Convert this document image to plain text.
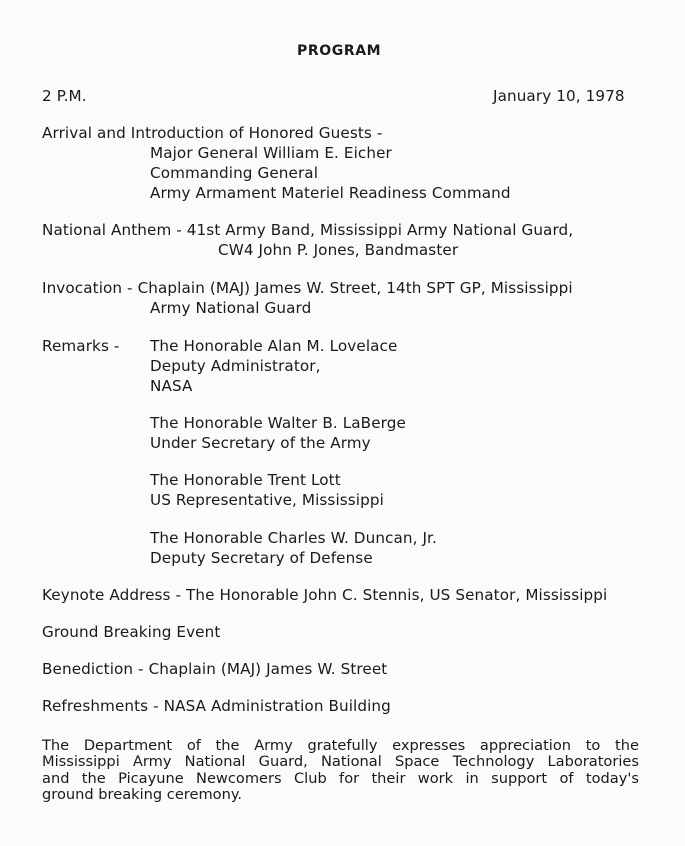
PROGRAM
2 P.M.	January 10, 1978
Arrival and Introduction of Honored Guests -
Major General William E. Eicher
Commanding General
Army Armament Materiel Readiness Command
National Anthem - 41st Army Band, Mississippi Army National Guard,
CW4 John P. Jones, Bandmaster
Invocation - Chaplain (MAJ) James W. Street, 14th SPT GP, Mississippi
Army National Guard
Remarks - The Honorable Alan M. Lovelace
Deputy Administrator,
NASA
The Honorable Walter B. LaBerge
Under Secretary of the Army
The Honorable Trent Lott
US Representative, Mississippi
The Honorable Charles W. Duncan, Jr.
Deputy Secretary of Defense
Keynote Address - The Honorable John C. Stennis, US Senator, Mississippi
Ground Breaking Event
Benediction - Chaplain (MAJ) James W. Street
Refreshments - NASA Administration Building
The Department of the Army gratefully expresses appreciation to the
Mississippi Army National Guard, National Space Technology Laboratories
and the Picayune Newcomers Club for their work in support of today's
ground breaking ceremony.
